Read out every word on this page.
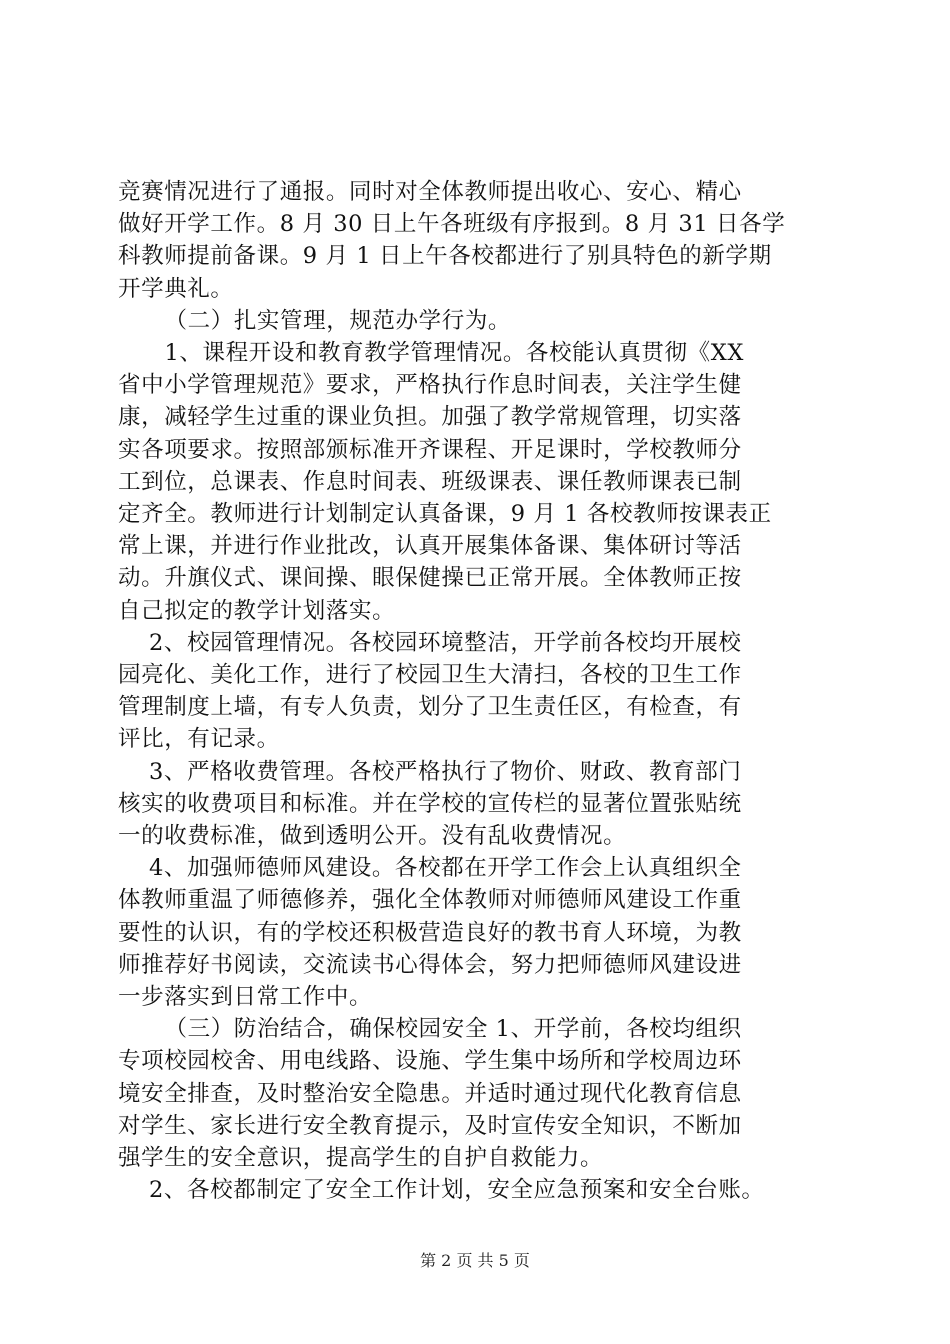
竞赛情况进行了通报。同时对全体教师提出收心、安心、精心
做好开学工作。8 月 30 日上午各班级有序报到。8 月 31 日各学
科教师提前备课。9 月 1 日上午各校都进行了别具特色的新学期
开学典礼。
（二）扎实管理，规范办学行为。
1、课程开设和教育教学管理情况。各校能认真贯彻《XX
省中小学管理规范》要求，严格执行作息时间表，关注学生健
康，减轻学生过重的课业负担。加强了教学常规管理，切实落
实各项要求。按照部颁标准开齐课程、开足课时，学校教师分
工到位，总课表、作息时间表、班级课表、课任教师课表已制
定齐全。教师进行计划制定认真备课，9 月 1 各校教师按课表正
常上课，并进行作业批改，认真开展集体备课、集体研讨等活
动。升旗仪式、课间操、眼保健操已正常开展。全体教师正按
自己拟定的教学计划落实。
2、校园管理情况。各校园环境整洁，开学前各校均开展校
园亮化、美化工作，进行了校园卫生大清扫，各校的卫生工作
管理制度上墙，有专人负责，划分了卫生责任区，有检查，有
评比，有记录。
3、严格收费管理。各校严格执行了物价、财政、教育部门
核实的收费项目和标准。并在学校的宣传栏的显著位置张贴统
一的收费标准，做到透明公开。没有乱收费情况。
4、加强师德师风建设。各校都在开学工作会上认真组织全
体教师重温了师德修养，强化全体教师对师德师风建设工作重
要性的认识，有的学校还积极营造良好的教书育人环境，为教
师推荐好书阅读，交流读书心得体会，努力把师德师风建设进
一步落实到日常工作中。
（三）防治结合，确保校园安全 1、开学前，各校均组织
专项校园校舍、用电线路、设施、学生集中场所和学校周边环
境安全排查，及时整治安全隐患。并适时通过现代化教育信息
对学生、家长进行安全教育提示，及时宣传安全知识，不断加
强学生的安全意识，提高学生的自护自救能力。
2、各校都制定了安全工作计划，安全应急预案和安全台账。
第 2 页 共 5 页
